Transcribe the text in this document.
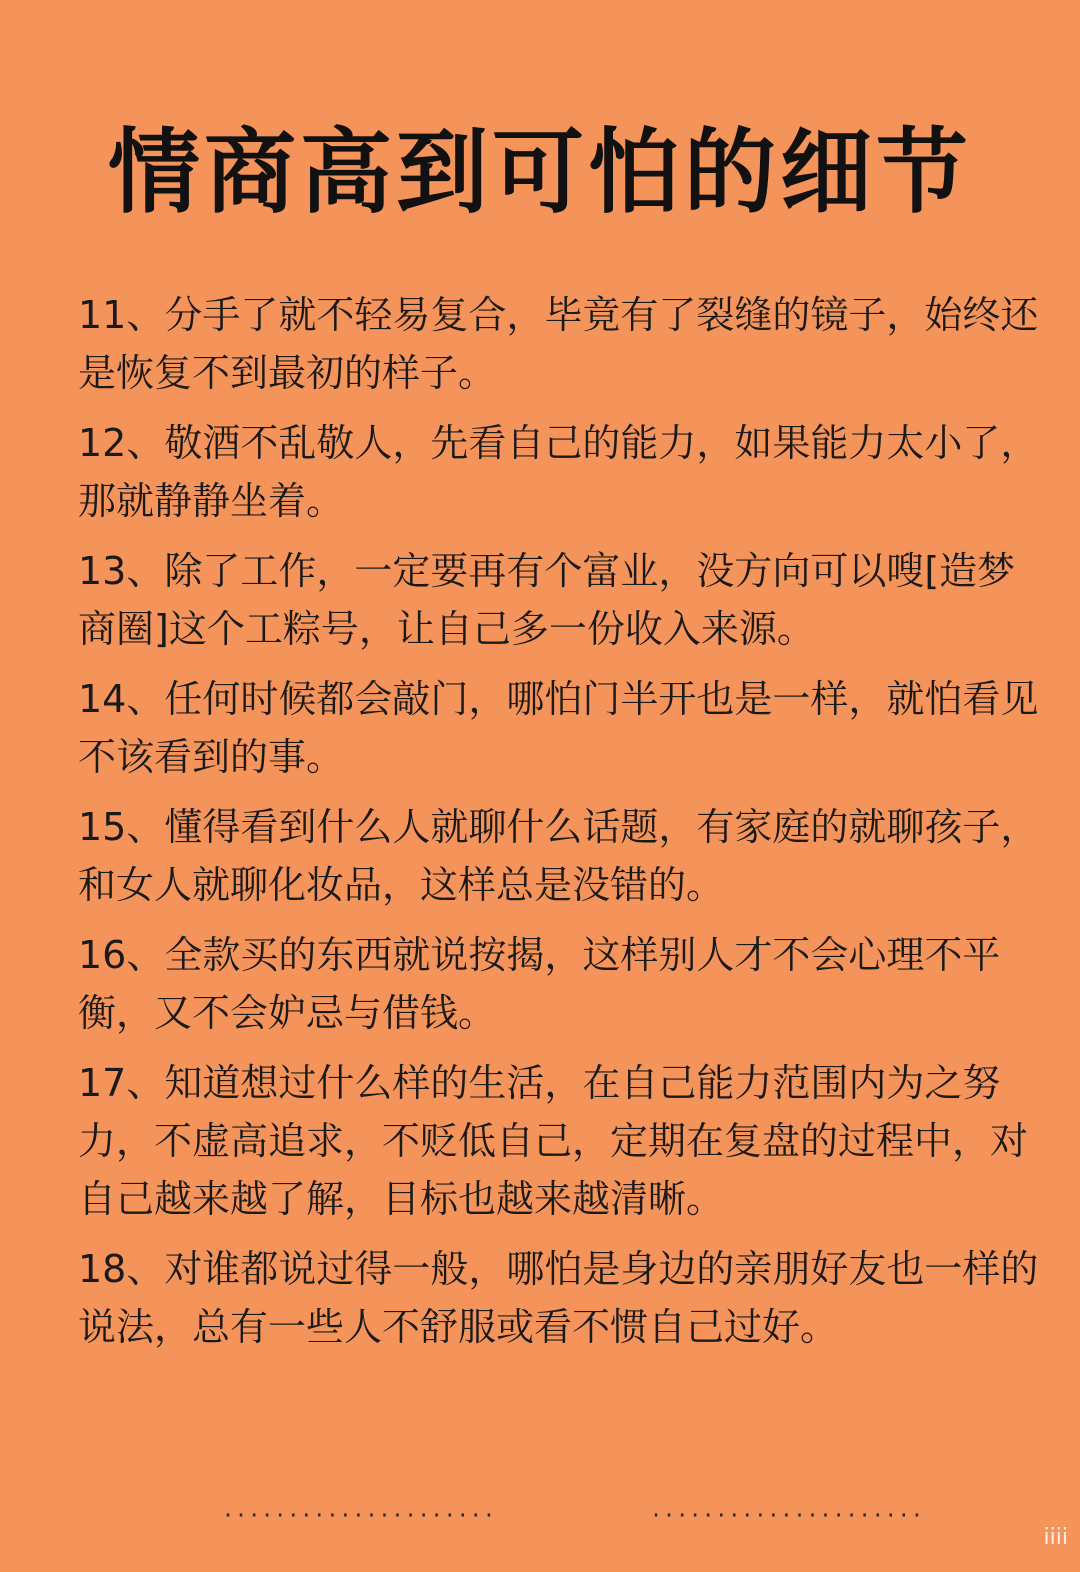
情商高到可怕的细节
11、分手了就不轻易复合，毕竟有了裂缝的镜子，始终还是恢复不到最初的样子。
12、敬酒不乱敬人，先看自己的能力，如果能力太小了，那就静静坐着。
13、除了工作，一定要再有个富业，没方向可以嗖[造梦商圈]这个工粽号，让自己多一份收入来源。
14、任何时候都会敲门，哪怕门半开也是一样，就怕看见不该看到的事。
15、懂得看到什么人就聊什么话题，有家庭的就聊孩子，和女人就聊化妆品，这样总是没错的。
16、全款买的东西就说按揭，这样别人才不会心理不平衡，又不会妒忌与借钱。
17、知道想过什么样的生活，在自己能力范围内为之努力，不虚高追求，不贬低自己，定期在复盘的过程中，对自己越来越了解，目标也越来越清晰。
18、对谁都说过得一般，哪怕是身边的亲朋好友也一样的说法，总有一些人不舒服或看不惯自己过好。
·····················	·····················
iiii
